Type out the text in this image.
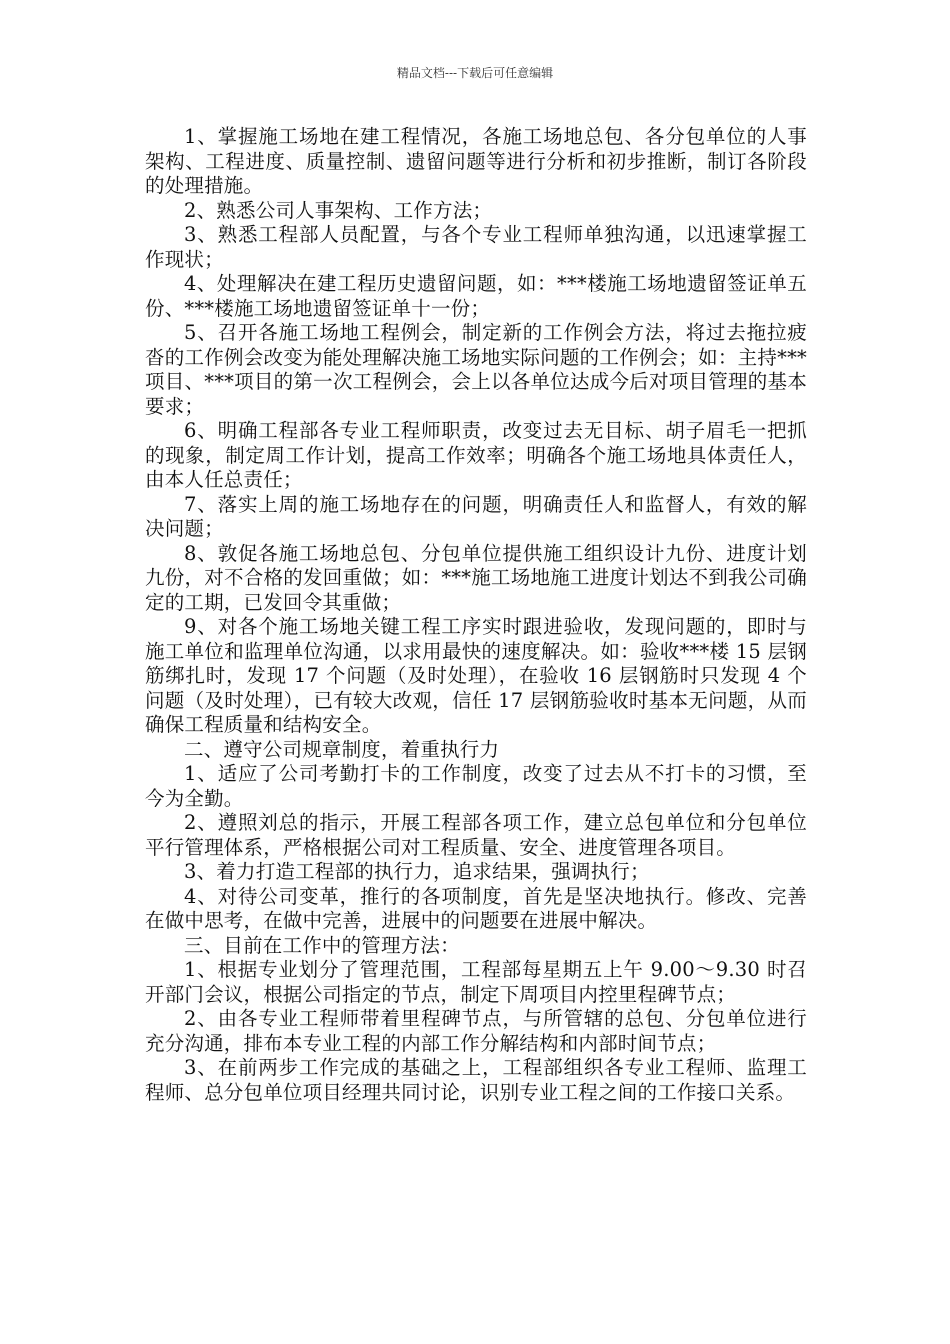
精品文档---下载后可任意编辑

1、掌握施工场地在建工程情况，各施工场地总包、各分包单位的人事架构、工程进度、质量控制、遗留问题等进行分析和初步推断，制订各阶段的处理措施。

2、熟悉公司人事架构、工作方法；

3、熟悉工程部人员配置，与各个专业工程师单独沟通，以迅速掌握工作现状；

4、处理解决在建工程历史遗留问题，如：***楼施工场地遗留签证单五份、***楼施工场地遗留签证单十一份；

5、召开各施工场地工程例会，制定新的工作例会方法，将过去拖拉疲沓的工作例会改变为能处理解决施工场地实际问题的工作例会；如：主持***项目、***项目的第一次工程例会，会上以各单位达成今后对项目管理的基本要求；

6、明确工程部各专业工程师职责，改变过去无目标、胡子眉毛一把抓的现象，制定周工作计划，提高工作效率；明确各个施工场地具体责任人，由本人任总责任；

7、落实上周的施工场地存在的问题，明确责任人和监督人，有效的解决问题；

8、敦促各施工场地总包、分包单位提供施工组织设计九份、进度计划九份，对不合格的发回重做；如：***施工场地施工进度计划达不到我公司确定的工期，已发回令其重做；

9、对各个施工场地关键工程工序实时跟进验收，发现问题的，即时与施工单位和监理单位沟通，以求用最快的速度解决。如：验收***楼 15 层钢筋绑扎时，发现 17 个问题（及时处理），在验收 16 层钢筋时只发现 4 个问题（及时处理），已有较大改观，信任 17 层钢筋验收时基本无问题，从而确保工程质量和结构安全。

二、遵守公司规章制度，着重执行力

1、适应了公司考勤打卡的工作制度，改变了过去从不打卡的习惯，至今为全勤。

2、遵照刘总的指示，开展工程部各项工作，建立总包单位和分包单位平行管理体系，严格根据公司对工程质量、安全、进度管理各项目。

3、着力打造工程部的执行力，追求结果，强调执行；

4、对待公司变革，推行的各项制度，首先是坚决地执行。修改、完善在做中思考，在做中完善，进展中的问题要在进展中解决。

三、目前在工作中的管理方法：

1、根据专业划分了管理范围，工程部每星期五上午 9.00～9.30 时召开部门会议，根据公司指定的节点，制定下周项目内控里程碑节点；

2、由各专业工程师带着里程碑节点，与所管辖的总包、分包单位进行充分沟通，排布本专业工程的内部工作分解结构和内部时间节点；

3、在前两步工作完成的基础之上，工程部组织各专业工程师、监理工程师、总分包单位项目经理共同讨论，识别专业工程之间的工作接口关系。
